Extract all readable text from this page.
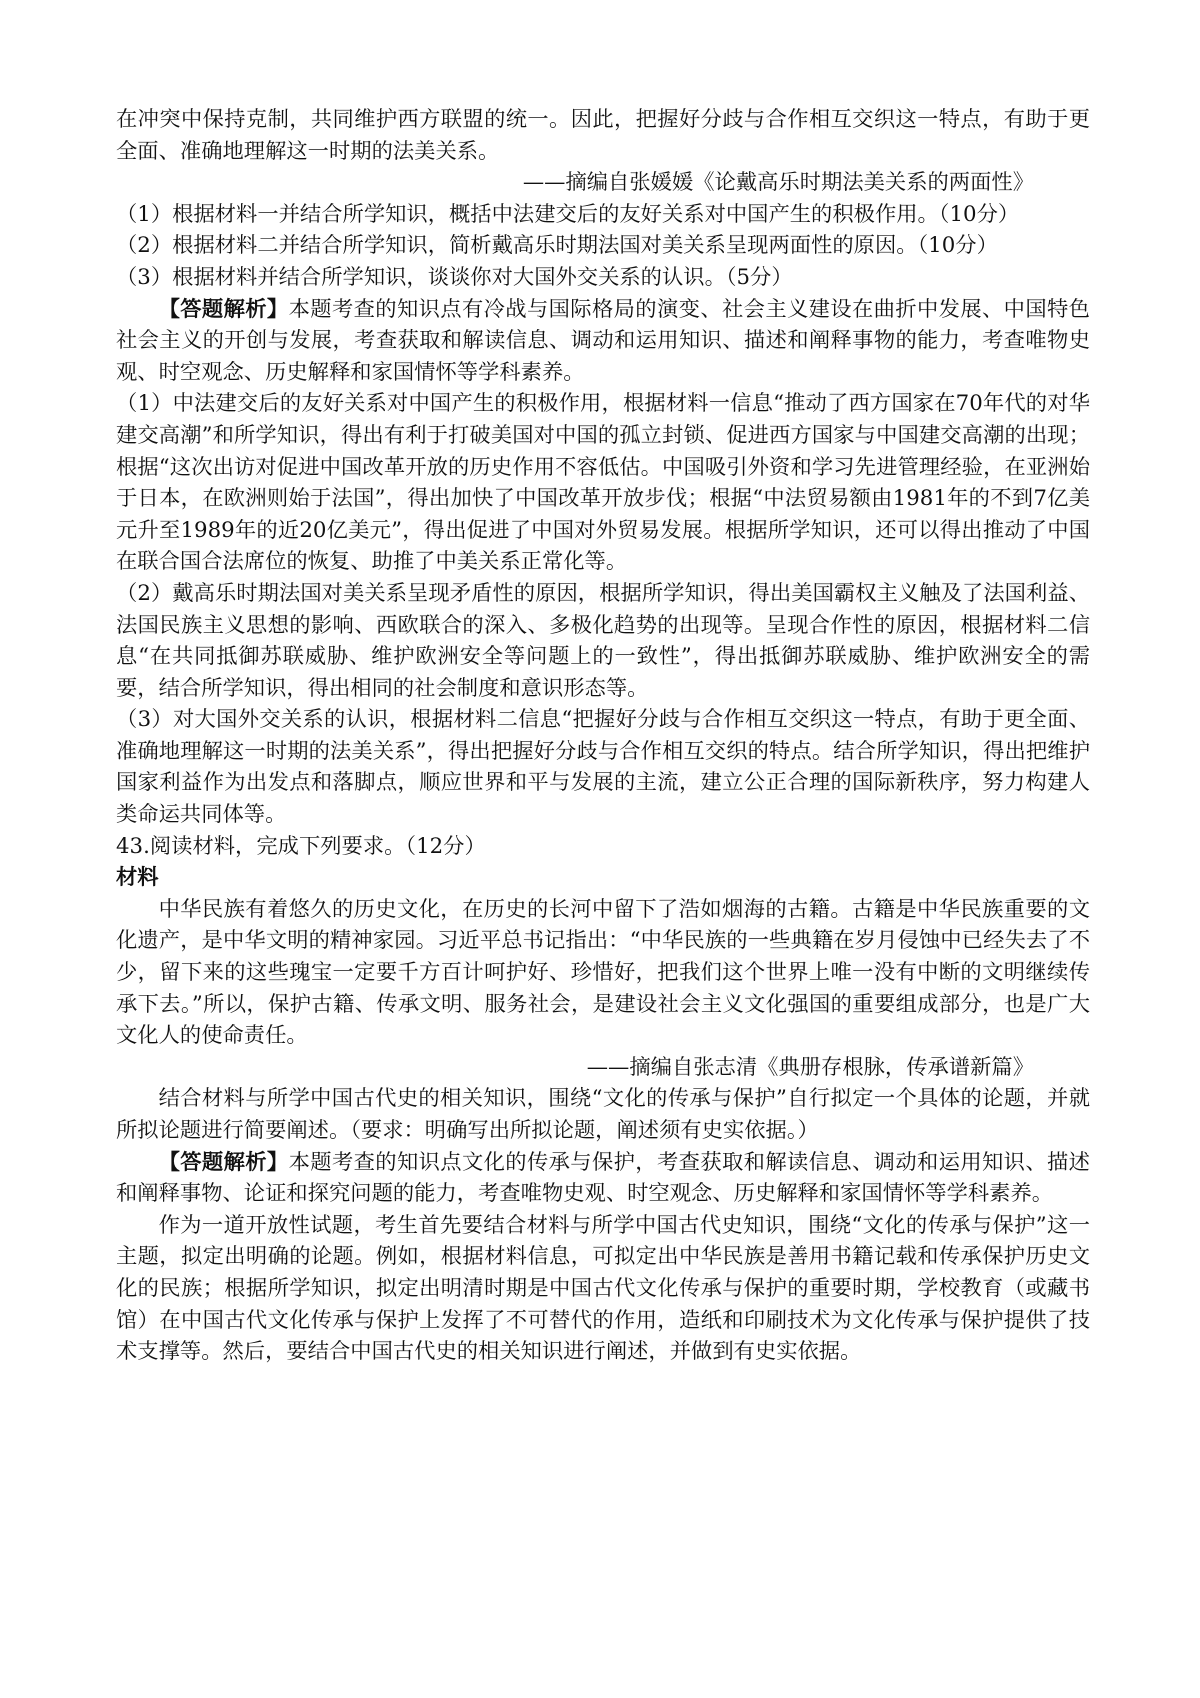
在冲突中保持克制，共同维护西方联盟的统一。因此，把握好分歧与合作相互交织这一特点，有助于更全面、准确地理解这一时期的法美关系。

——摘编自张媛媛《论戴高乐时期法美关系的两面性》

（1）根据材料一并结合所学知识，概括中法建交后的友好关系对中国产生的积极作用。（10分）

（2）根据材料二并结合所学知识，简析戴高乐时期法国对美关系呈现两面性的原因。（10分）

（3）根据材料并结合所学知识，谈谈你对大国外交关系的认识。（5分）

【答题解析】本题考查的知识点有冷战与国际格局的演变、社会主义建设在曲折中发展、中国特色社会主义的开创与发展，考查获取和解读信息、调动和运用知识、描述和阐释事物的能力，考查唯物史观、时空观念、历史解释和家国情怀等学科素养。

（1）中法建交后的友好关系对中国产生的积极作用，根据材料一信息“推动了西方国家在70年代的对华建交高潮”和所学知识，得出有利于打破美国对中国的孤立封锁、促进西方国家与中国建交高潮的出现；根据“这次出访对促进中国改革开放的历史作用不容低估。中国吸引外资和学习先进管理经验，在亚洲始于日本，在欧洲则始于法国”，得出加快了中国改革开放步伐；根据“中法贸易额由1981年的不到7亿美元升至1989年的近20亿美元”，得出促进了中国对外贸易发展。根据所学知识，还可以得出推动了中国在联合国合法席位的恢复、助推了中美关系正常化等。

（2）戴高乐时期法国对美关系呈现矛盾性的原因，根据所学知识，得出美国霸权主义触及了法国利益、法国民族主义思想的影响、西欧联合的深入、多极化趋势的出现等。呈现合作性的原因，根据材料二信息“在共同抵御苏联威胁、维护欧洲安全等问题上的一致性”，得出抵御苏联威胁、维护欧洲安全的需要，结合所学知识，得出相同的社会制度和意识形态等。

（3）对大国外交关系的认识，根据材料二信息“把握好分歧与合作相互交织这一特点，有助于更全面、准确地理解这一时期的法美关系”，得出把握好分歧与合作相互交织的特点。结合所学知识，得出把维护国家利益作为出发点和落脚点，顺应世界和平与发展的主流，建立公正合理的国际新秩序，努力构建人类命运共同体等。

43.阅读材料，完成下列要求。（12分）

材料

中华民族有着悠久的历史文化，在历史的长河中留下了浩如烟海的古籍。古籍是中华民族重要的文化遗产，是中华文明的精神家园。习近平总书记指出：“中华民族的一些典籍在岁月侵蚀中已经失去了不少，留下来的这些瑰宝一定要千方百计呵护好、珍惜好，把我们这个世界上唯一没有中断的文明继续传承下去。”所以，保护古籍、传承文明、服务社会，是建设社会主义文化强国的重要组成部分，也是广大文化人的使命责任。

——摘编自张志清《典册存根脉，传承谱新篇》

结合材料与所学中国古代史的相关知识，围绕“文化的传承与保护”自行拟定一个具体的论题，并就所拟论题进行简要阐述。（要求：明确写出所拟论题，阐述须有史实依据。）

【答题解析】本题考查的知识点文化的传承与保护，考查获取和解读信息、调动和运用知识、描述和阐释事物、论证和探究问题的能力，考查唯物史观、时空观念、历史解释和家国情怀等学科素养。

作为一道开放性试题，考生首先要结合材料与所学中国古代史知识，围绕“文化的传承与保护”这一主题，拟定出明确的论题。例如，根据材料信息，可拟定出中华民族是善用书籍记载和传承保护历史文化的民族；根据所学知识，拟定出明清时期是中国古代文化传承与保护的重要时期，学校教育（或藏书馆）在中国古代文化传承与保护上发挥了不可替代的作用，造纸和印刷技术为文化传承与保护提供了技术支撑等。然后，要结合中国古代史的相关知识进行阐述，并做到有史实依据。
